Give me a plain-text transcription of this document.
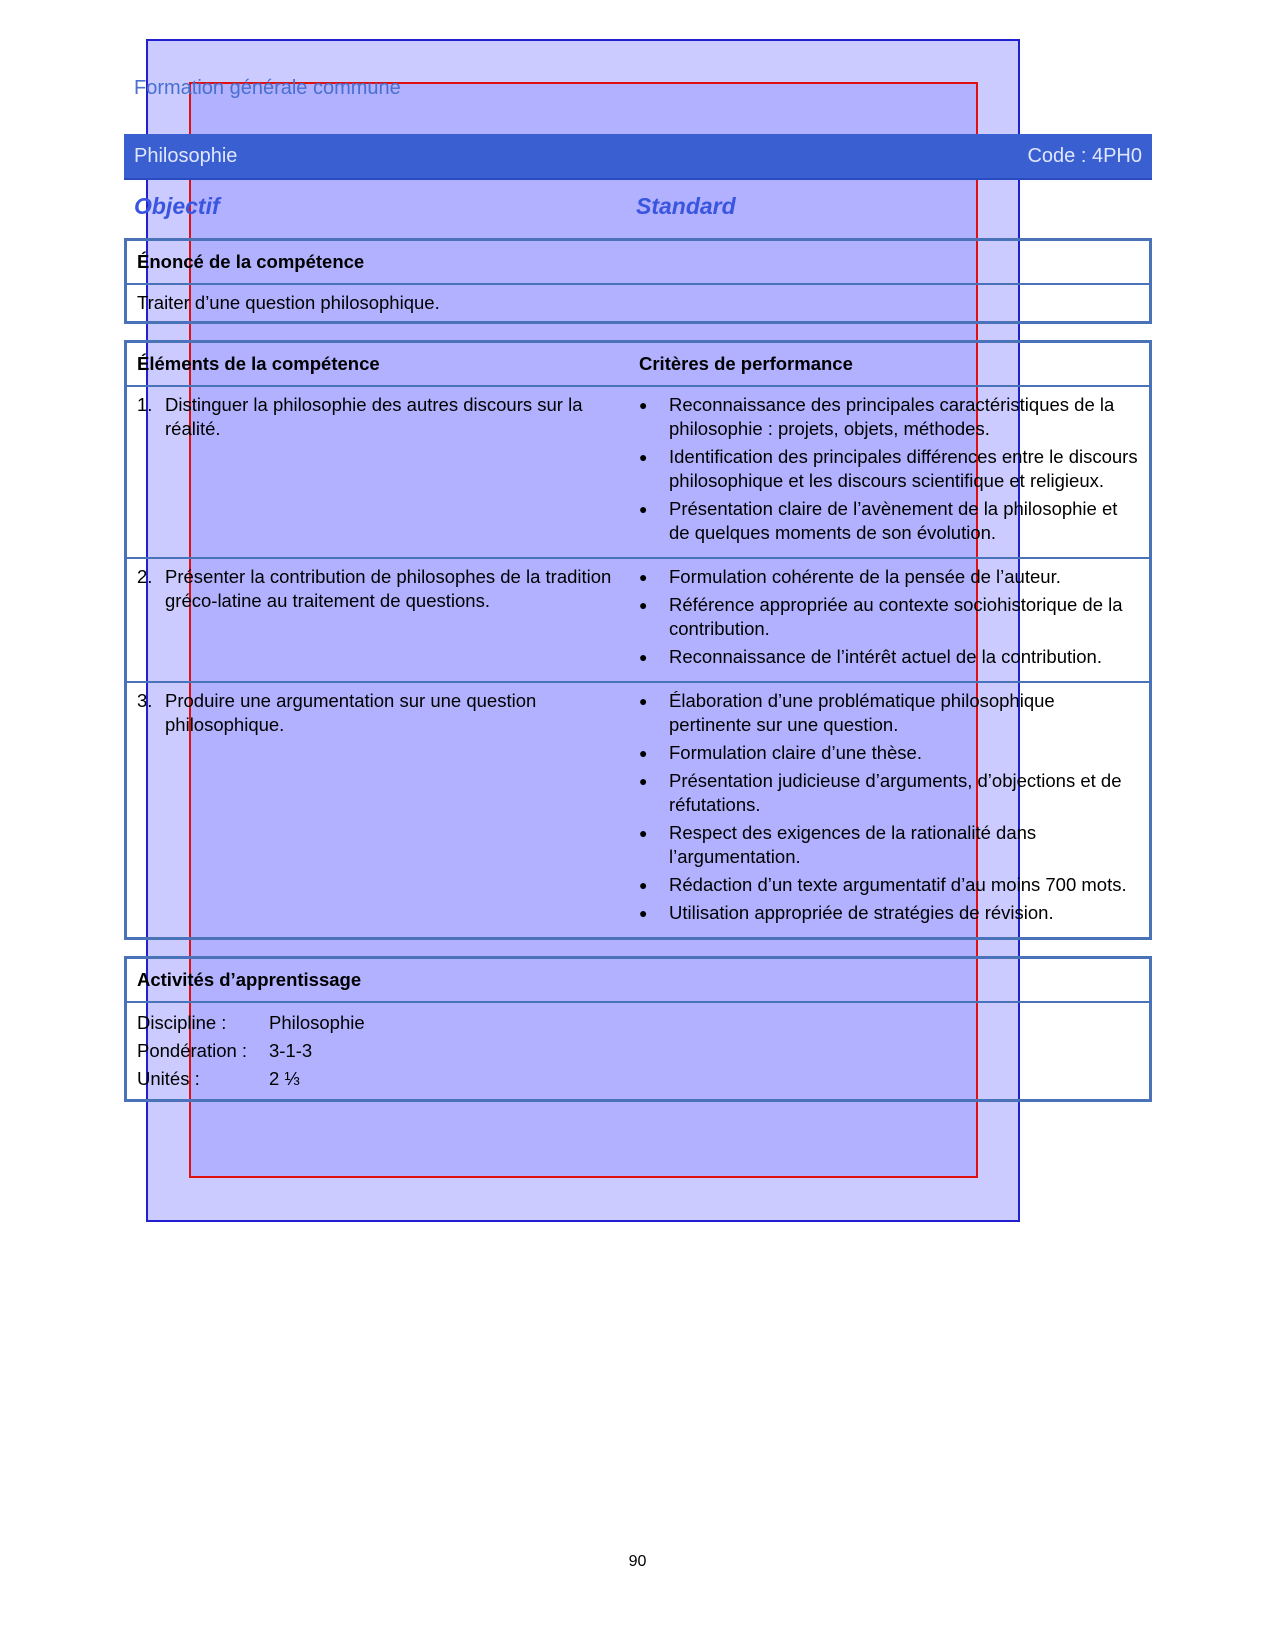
Formation générale commune
Philosophie	Code : 4PH0
Objectif	Standard
Énoncé de la compétence
Traiter d’une question philosophique.
Éléments de la compétence	Critères de performance
1. Distinguer la philosophie des autres discours sur la réalité.
●	Reconnaissance des principales caractéristiques de la philosophie : projets, objets, méthodes.
●	Identification des principales différences entre le discours philosophique et les discours scientifique et religieux.
●	Présentation claire de l’avènement de la philosophie et de quelques moments de son évolution.
2. Présenter la contribution de philosophes de la tradition gréco-latine au traitement de questions.
●	Formulation cohérente de la pensée de l’auteur.
●	Référence appropriée au contexte sociohistorique de la contribution.
●	Reconnaissance de l’intérêt actuel de la contribution.
3. Produire une argumentation sur une question philosophique.
●	Élaboration d’une problématique philosophique pertinente sur une question.
●	Formulation claire d’une thèse.
●	Présentation judicieuse d’arguments, d’objections et de réfutations.
●	Respect des exigences de la rationalité dans l’argumentation.
●	Rédaction d’un texte argumentatif d’au moins 700 mots.
●	Utilisation appropriée de stratégies de révision.
Activités d’apprentissage
Discipline :	Philosophie
Pondération :	3-1-3
Unités :	2 ⅓
90
